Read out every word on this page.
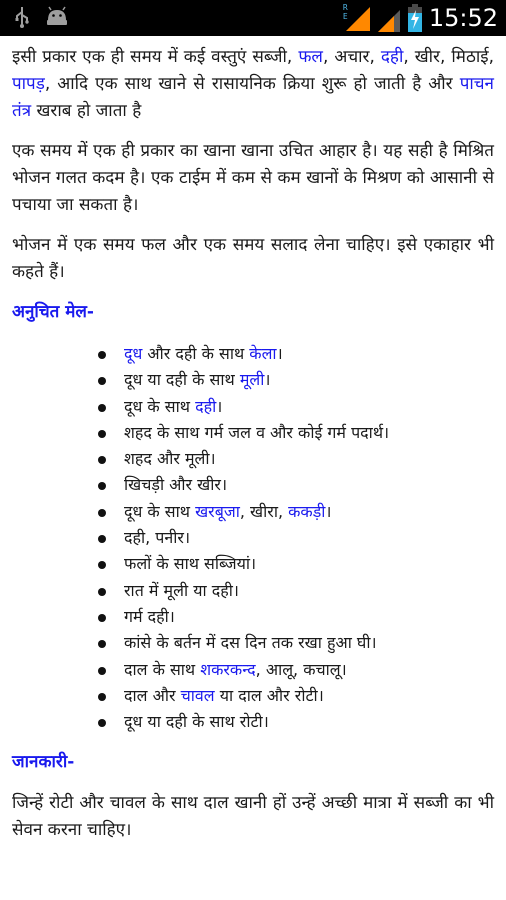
R E	15:52

इसी प्रकार एक ही समय में कई वस्तुएं सब्जी, फल, अचार, दही, खीर, मिठाई, पापड़, आदि एक साथ खाने से रासायनिक क्रिया शुरू हो जाती है और पाचन तंत्र खराब हो जाता है

एक समय में एक ही प्रकार का खाना खाना उचित आहार है। यह सही है मिश्रित भोजन गलत कदम है। एक टाईम में कम से कम खानों के मिश्रण को आसानी से पचाया जा सकता है।

भोजन में एक समय फल और एक समय सलाद लेना चाहिए। इसे एकाहार भी कहते हैं।

अनुचित मेल-
दूध और दही के साथ केला।
दूध या दही के साथ मूली।
दूध के साथ दही।
शहद के साथ गर्म जल व और कोई गर्म पदार्थ।
शहद और मूली।
खिचड़ी और खीर।
दूध के साथ खरबूजा, खीरा, ककड़ी।
दही, पनीर।
फलों के साथ सब्जियां।
रात में मूली या दही।
गर्म दही।
कांसे के बर्तन में दस दिन तक रखा हुआ घी।
दाल के साथ शकरकन्द, आलू, कचालू।
दाल और चावल या दाल और रोटी।
दूध या दही के साथ रोटी।
जानकारी-

जिन्हें रोटी और चावल के साथ दाल खानी हों उन्हें अच्छी मात्रा में सब्जी का भी सेवन करना चाहिए।
